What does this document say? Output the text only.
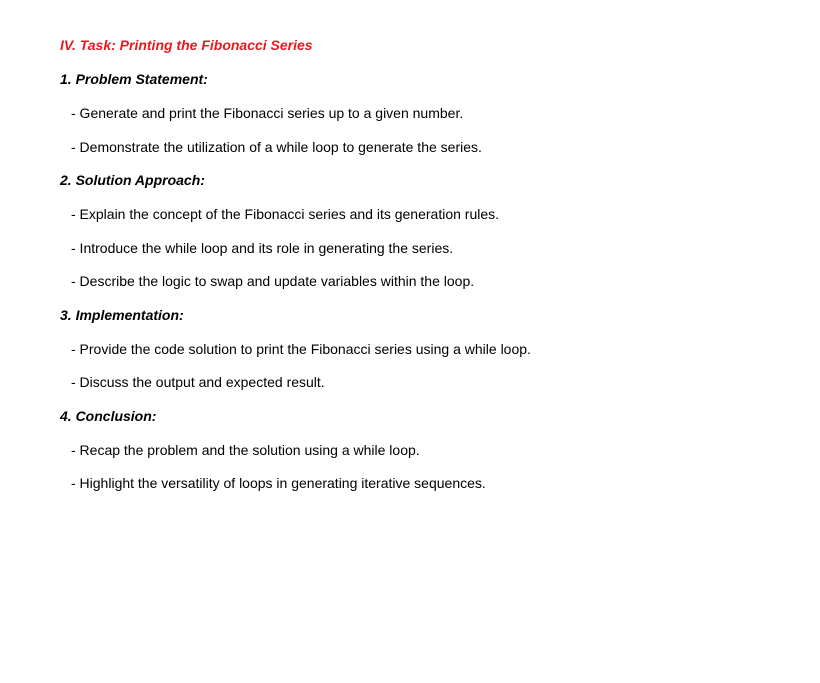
IV. Task: Printing the Fibonacci Series
1. Problem Statement:
- Generate and print the Fibonacci series up to a given number.
- Demonstrate the utilization of a while loop to generate the series.
2. Solution Approach:
- Explain the concept of the Fibonacci series and its generation rules.
- Introduce the while loop and its role in generating the series.
- Describe the logic to swap and update variables within the loop.
3. Implementation:
- Provide the code solution to print the Fibonacci series using a while loop.
- Discuss the output and expected result.
4. Conclusion:
- Recap the problem and the solution using a while loop.
- Highlight the versatility of loops in generating iterative sequences.
